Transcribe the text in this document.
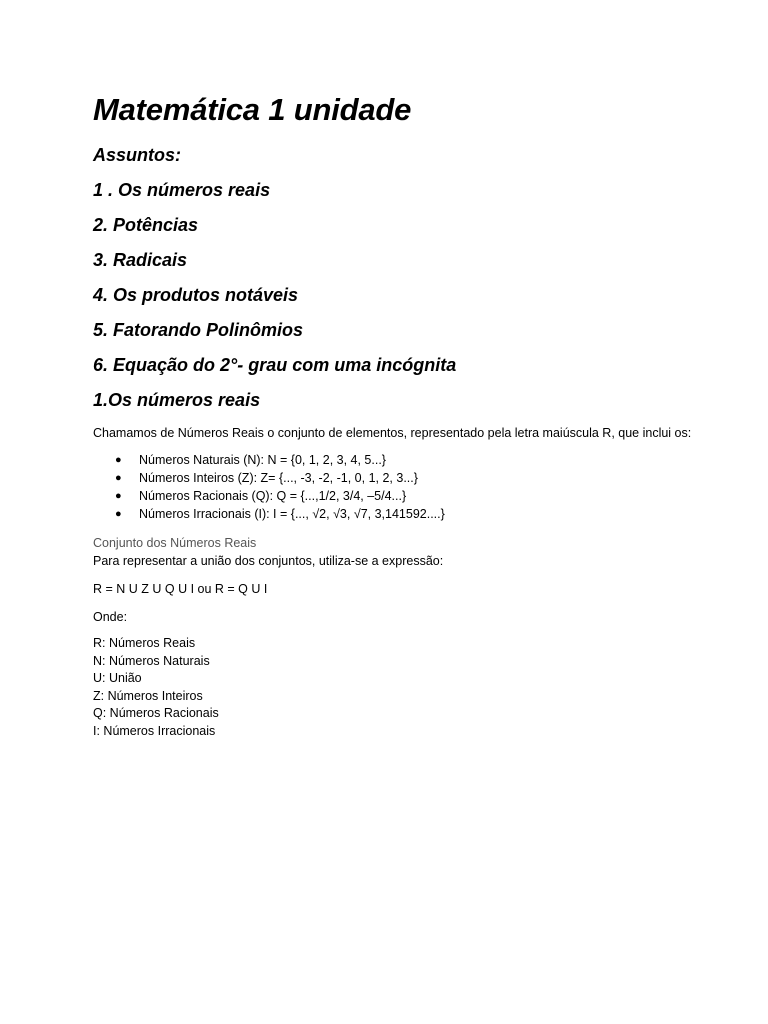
Matemática 1 unidade

Assuntos:

1 . Os números reais

2. Potências

3. Radicais

4. Os produtos notáveis

5. Fatorando Polinômios

6. Equação do 2°- grau com uma incógnita

1.Os números reais

Chamamos de Números Reais o conjunto de elementos, representado pela letra maiúscula R, que inclui os:

● Números Naturais (N): N = {0, 1, 2, 3, 4, 5...}
● Números Inteiros (Z): Z= {..., -3, -2, -1, 0, 1, 2, 3...}
● Números Racionais (Q): Q = {...,1/2, 3/4, –5/4...}
● Números Irracionais (I): I = {..., √2, √3, √7, 3,141592....}

Conjunto dos Números Reais

Para representar a união dos conjuntos, utiliza-se a expressão:

R = N U Z U Q U I ou R = Q U I

Onde:

R: Números Reais
N: Números Naturais
U: União
Z: Números Inteiros
Q: Números Racionais
I: Números Irracionais
